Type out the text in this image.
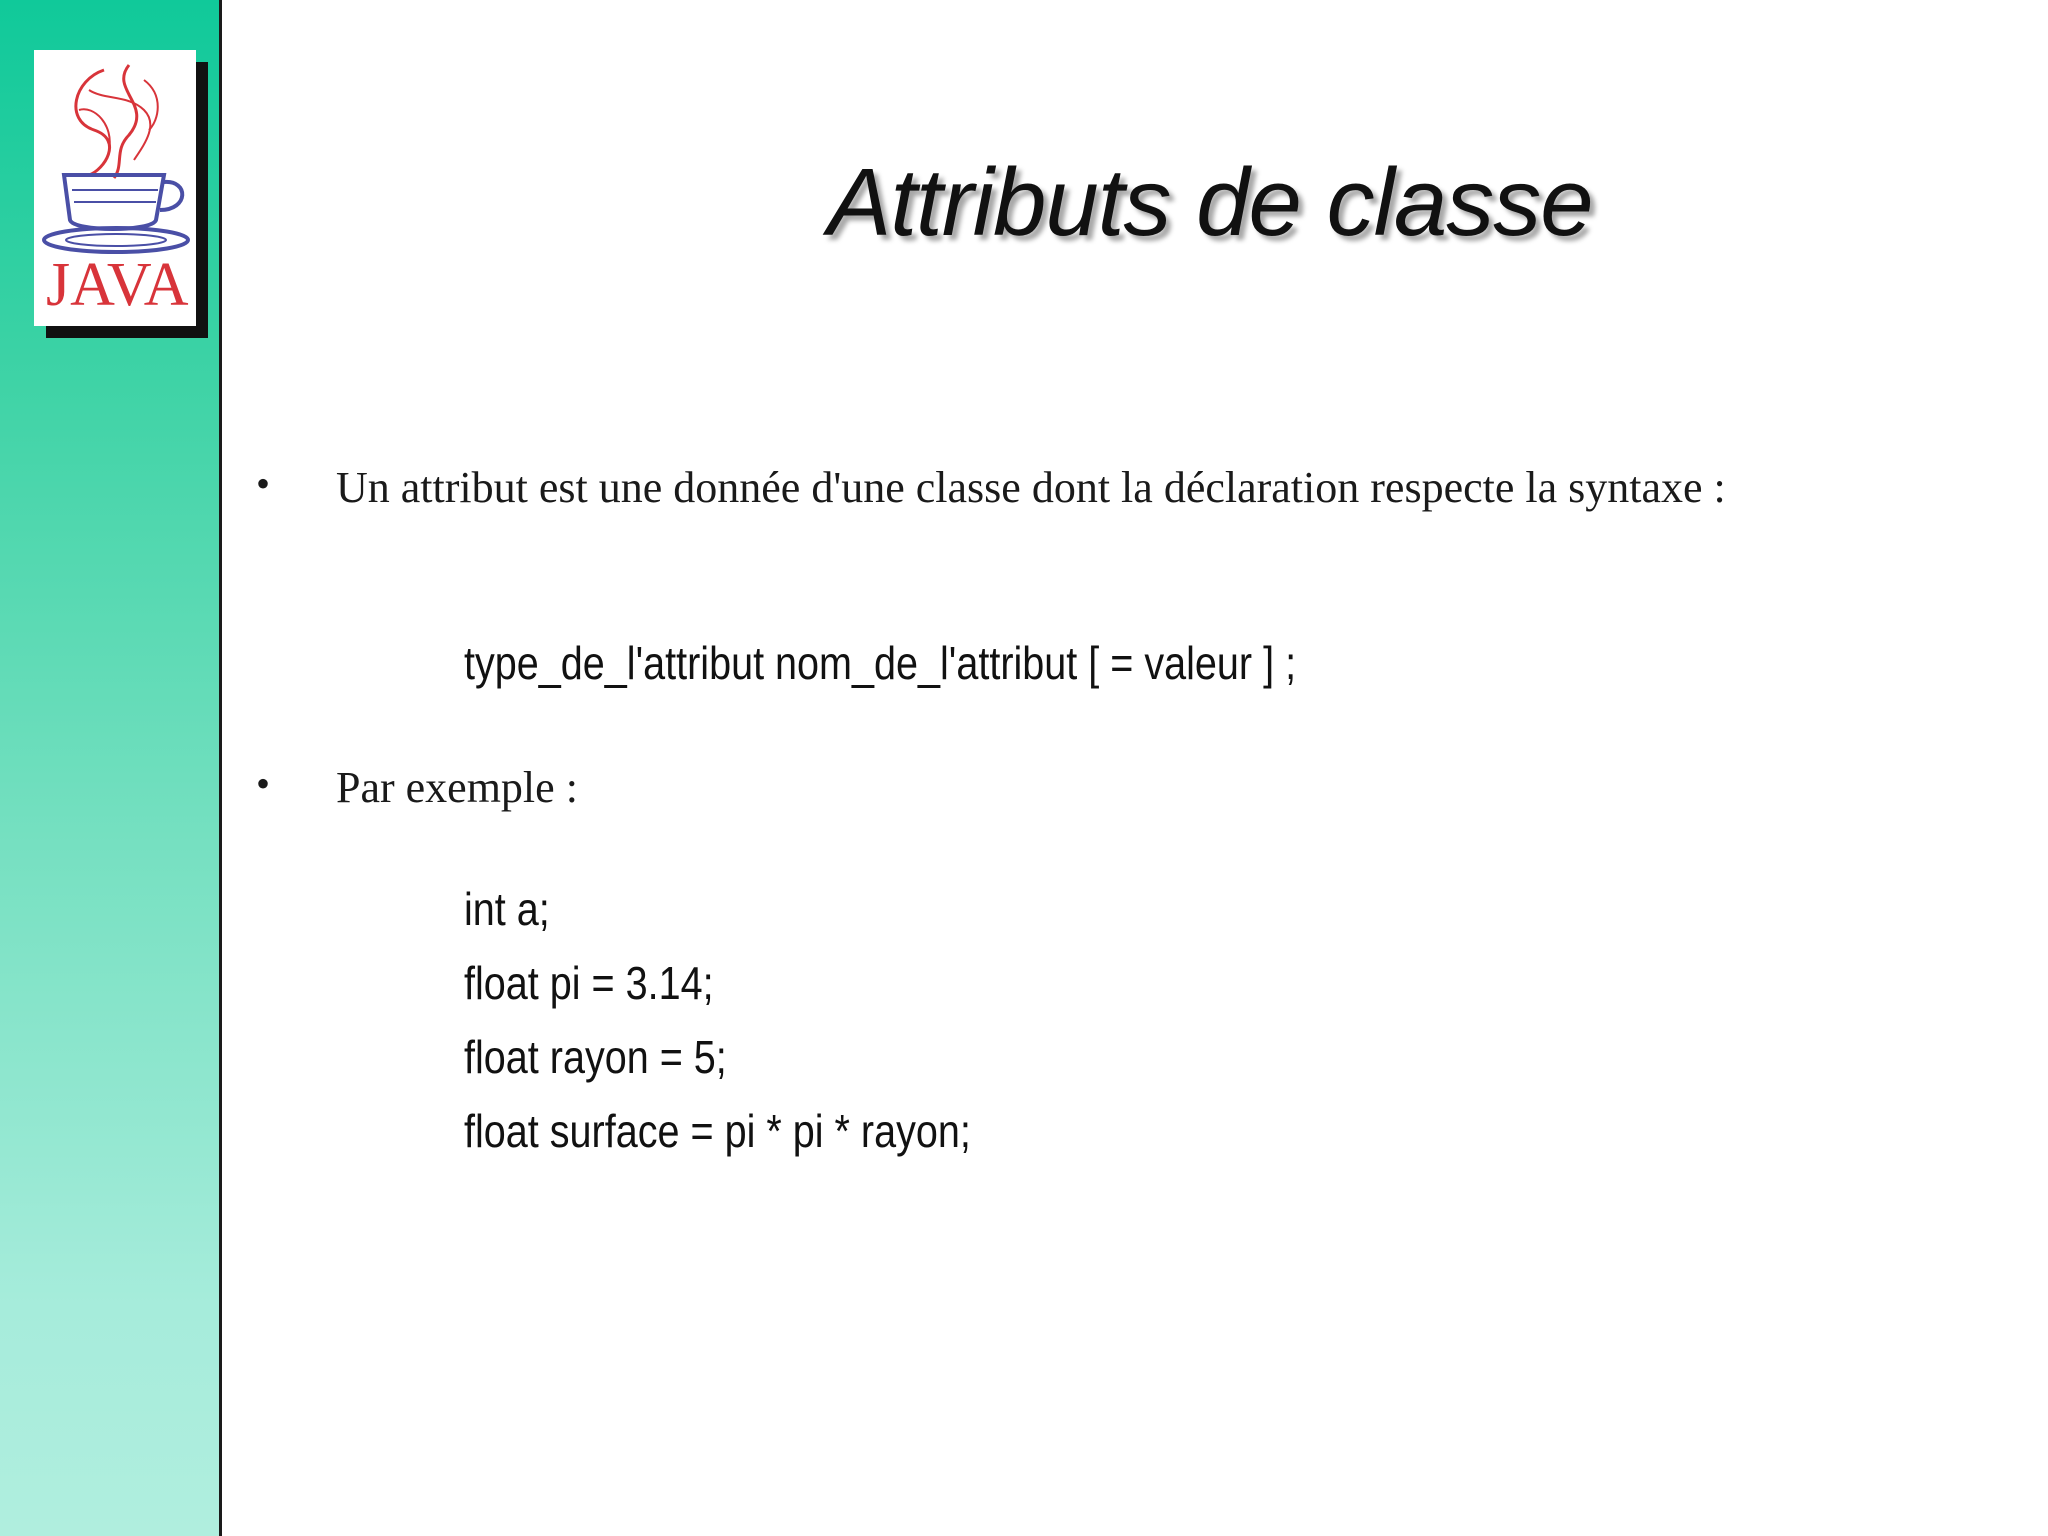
JAVA
Attributs de classe
• Un attribut est une donnée d'une classe dont la déclaration respecte la syntaxe :
type_de_l'attribut nom_de_l'attribut [ = valeur ] ;
• Par exemple :
int a;
float pi = 3.14;
float rayon = 5;
float surface = pi * pi * rayon;
